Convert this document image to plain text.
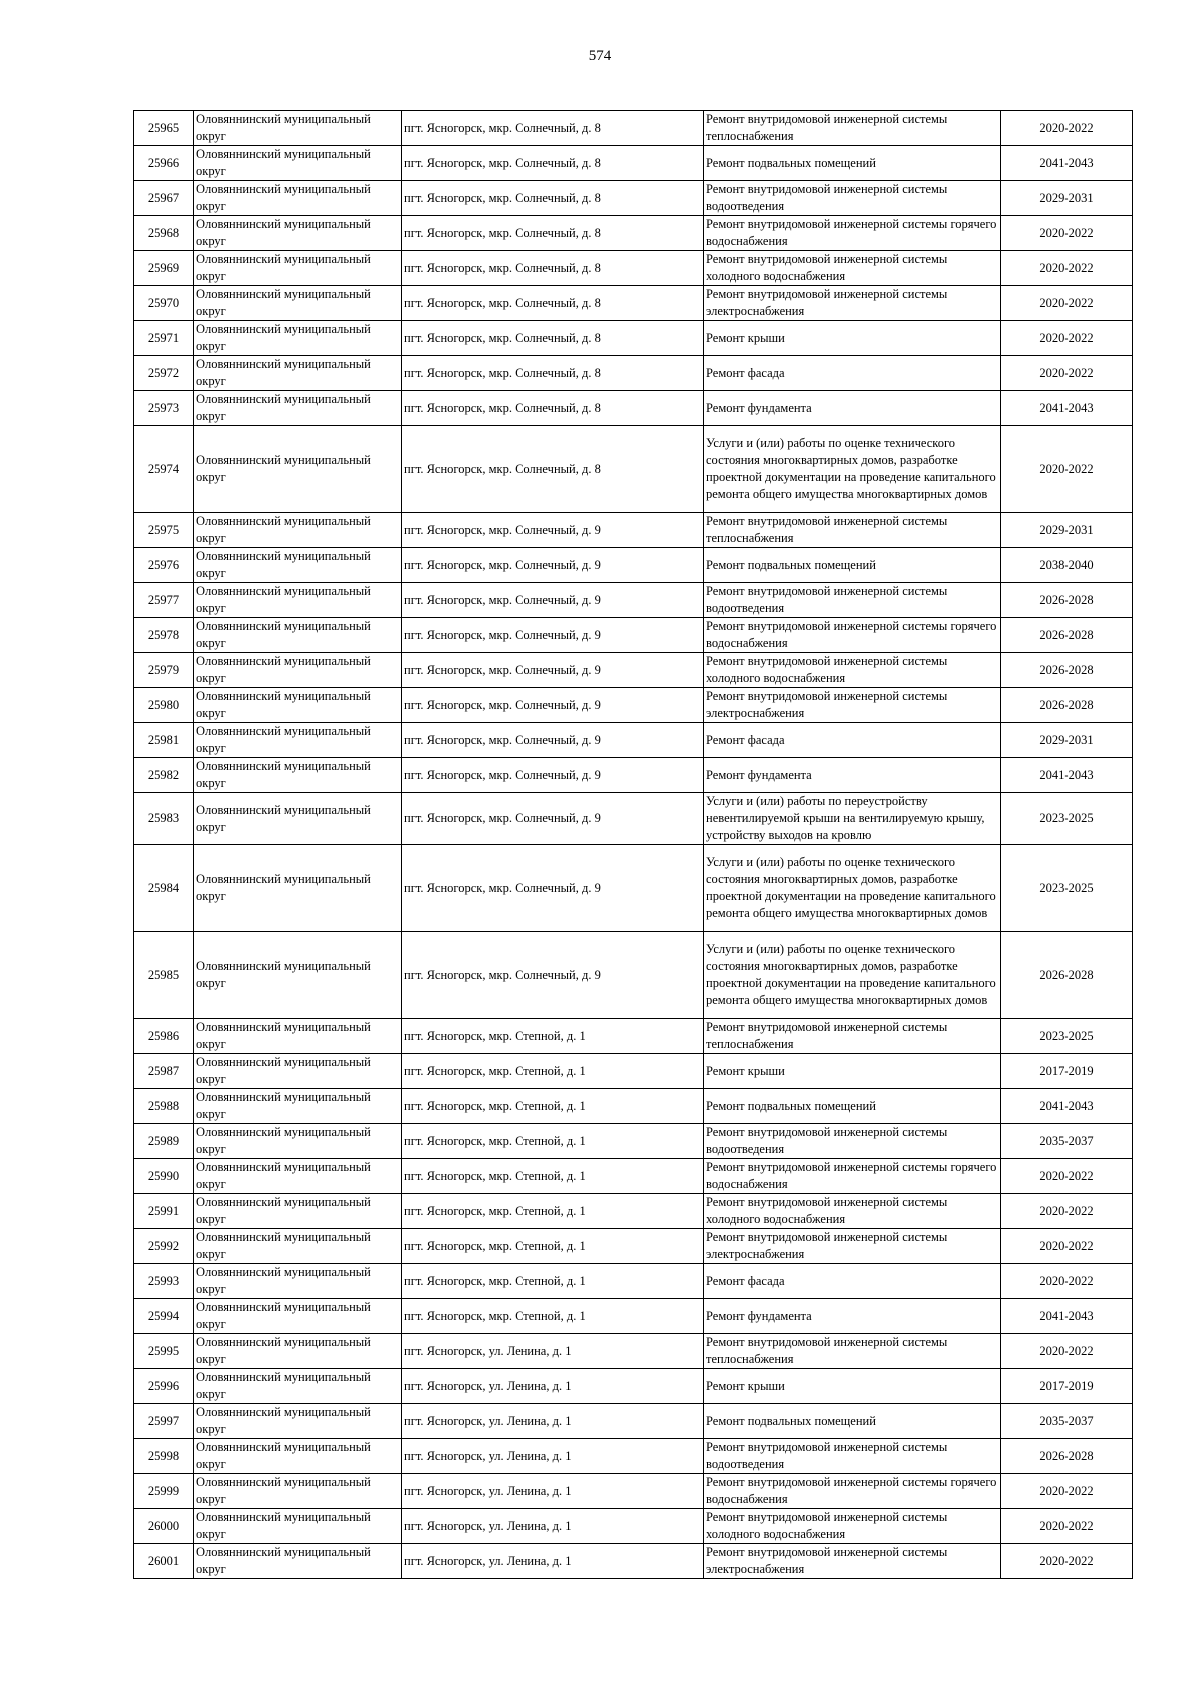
574
25965	Оловяннинский муниципальный округ	пгт. Ясногорск, мкр. Солнечный, д. 8	Ремонт внутридомовой инженерной системы теплоснабжения	2020-2022
25966	Оловяннинский муниципальный округ	пгт. Ясногорск, мкр. Солнечный, д. 8	Ремонт подвальных помещений	2041-2043
25967	Оловяннинский муниципальный округ	пгт. Ясногорск, мкр. Солнечный, д. 8	Ремонт внутридомовой инженерной системы водоотведения	2029-2031
25968	Оловяннинский муниципальный округ	пгт. Ясногорск, мкр. Солнечный, д. 8	Ремонт внутридомовой инженерной системы горячего водоснабжения	2020-2022
25969	Оловяннинский муниципальный округ	пгт. Ясногорск, мкр. Солнечный, д. 8	Ремонт внутридомовой инженерной системы холодного водоснабжения	2020-2022
25970	Оловяннинский муниципальный округ	пгт. Ясногорск, мкр. Солнечный, д. 8	Ремонт внутридомовой инженерной системы электроснабжения	2020-2022
25971	Оловяннинский муниципальный округ	пгт. Ясногорск, мкр. Солнечный, д. 8	Ремонт крыши	2020-2022
25972	Оловяннинский муниципальный округ	пгт. Ясногорск, мкр. Солнечный, д. 8	Ремонт фасада	2020-2022
25973	Оловяннинский муниципальный округ	пгт. Ясногорск, мкр. Солнечный, д. 8	Ремонт фундамента	2041-2043
25974	Оловяннинский муниципальный округ	пгт. Ясногорск, мкр. Солнечный, д. 8	Услуги и (или) работы по оценке технического состояния многоквартирных домов, разработке проектной документации на проведение капитального ремонта общего имущества многоквартирных домов	2020-2022
25975	Оловяннинский муниципальный округ	пгт. Ясногорск, мкр. Солнечный, д. 9	Ремонт внутридомовой инженерной системы теплоснабжения	2029-2031
25976	Оловяннинский муниципальный округ	пгт. Ясногорск, мкр. Солнечный, д. 9	Ремонт подвальных помещений	2038-2040
25977	Оловяннинский муниципальный округ	пгт. Ясногорск, мкр. Солнечный, д. 9	Ремонт внутридомовой инженерной системы водоотведения	2026-2028
25978	Оловяннинский муниципальный округ	пгт. Ясногорск, мкр. Солнечный, д. 9	Ремонт внутридомовой инженерной системы горячего водоснабжения	2026-2028
25979	Оловяннинский муниципальный округ	пгт. Ясногорск, мкр. Солнечный, д. 9	Ремонт внутридомовой инженерной системы холодного водоснабжения	2026-2028
25980	Оловяннинский муниципальный округ	пгт. Ясногорск, мкр. Солнечный, д. 9	Ремонт внутридомовой инженерной системы электроснабжения	2026-2028
25981	Оловяннинский муниципальный округ	пгт. Ясногорск, мкр. Солнечный, д. 9	Ремонт фасада	2029-2031
25982	Оловяннинский муниципальный округ	пгт. Ясногорск, мкр. Солнечный, д. 9	Ремонт фундамента	2041-2043
25983	Оловяннинский муниципальный округ	пгт. Ясногорск, мкр. Солнечный, д. 9	Услуги и (или) работы по переустройству невентилируемой крыши на вентилируемую крышу, устройству выходов на кровлю	2023-2025
25984	Оловяннинский муниципальный округ	пгт. Ясногорск, мкр. Солнечный, д. 9	Услуги и (или) работы по оценке технического состояния многоквартирных домов, разработке проектной документации на проведение капитального ремонта общего имущества многоквартирных домов	2023-2025
25985	Оловяннинский муниципальный округ	пгт. Ясногорск, мкр. Солнечный, д. 9	Услуги и (или) работы по оценке технического состояния многоквартирных домов, разработке проектной документации на проведение капитального ремонта общего имущества многоквартирных домов	2026-2028
25986	Оловяннинский муниципальный округ	пгт. Ясногорск, мкр. Степной, д. 1	Ремонт внутридомовой инженерной системы теплоснабжения	2023-2025
25987	Оловяннинский муниципальный округ	пгт. Ясногорск, мкр. Степной, д. 1	Ремонт крыши	2017-2019
25988	Оловяннинский муниципальный округ	пгт. Ясногорск, мкр. Степной, д. 1	Ремонт подвальных помещений	2041-2043
25989	Оловяннинский муниципальный округ	пгт. Ясногорск, мкр. Степной, д. 1	Ремонт внутридомовой инженерной системы водоотведения	2035-2037
25990	Оловяннинский муниципальный округ	пгт. Ясногорск, мкр. Степной, д. 1	Ремонт внутридомовой инженерной системы горячего водоснабжения	2020-2022
25991	Оловяннинский муниципальный округ	пгт. Ясногорск, мкр. Степной, д. 1	Ремонт внутридомовой инженерной системы холодного водоснабжения	2020-2022
25992	Оловяннинский муниципальный округ	пгт. Ясногорск, мкр. Степной, д. 1	Ремонт внутридомовой инженерной системы электроснабжения	2020-2022
25993	Оловяннинский муниципальный округ	пгт. Ясногорск, мкр. Степной, д. 1	Ремонт фасада	2020-2022
25994	Оловяннинский муниципальный округ	пгт. Ясногорск, мкр. Степной, д. 1	Ремонт фундамента	2041-2043
25995	Оловяннинский муниципальный округ	пгт. Ясногорск, ул. Ленина, д. 1	Ремонт внутридомовой инженерной системы теплоснабжения	2020-2022
25996	Оловяннинский муниципальный округ	пгт. Ясногорск, ул. Ленина, д. 1	Ремонт крыши	2017-2019
25997	Оловяннинский муниципальный округ	пгт. Ясногорск, ул. Ленина, д. 1	Ремонт подвальных помещений	2035-2037
25998	Оловяннинский муниципальный округ	пгт. Ясногорск, ул. Ленина, д. 1	Ремонт внутридомовой инженерной системы водоотведения	2026-2028
25999	Оловяннинский муниципальный округ	пгт. Ясногорск, ул. Ленина, д. 1	Ремонт внутридомовой инженерной системы горячего водоснабжения	2020-2022
26000	Оловяннинский муниципальный округ	пгт. Ясногорск, ул. Ленина, д. 1	Ремонт внутридомовой инженерной системы холодного водоснабжения	2020-2022
26001	Оловяннинский муниципальный округ	пгт. Ясногорск, ул. Ленина, д. 1	Ремонт внутридомовой инженерной системы электроснабжения	2020-2022
